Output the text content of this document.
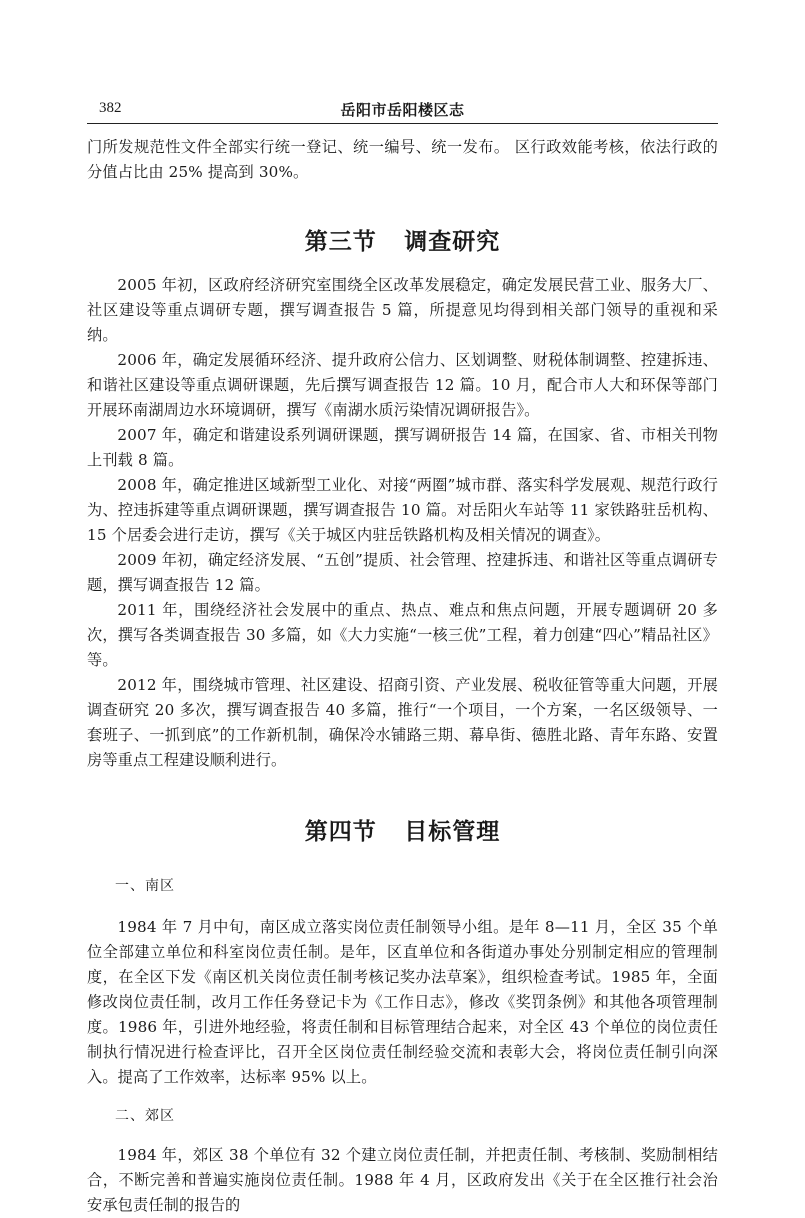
382	岳阳市岳阳楼区志

门所发规范性文件全部实行统一登记、统一编号、统一发布。 区行政效能考核，依法行政的分值占比由 25% 提高到 30%。

第三节 调查研究

2005 年初，区政府经济研究室围绕全区改革发展稳定，确定发展民营工业、服务大厂、社区建设等重点调研专题，撰写调查报告 5 篇，所提意见均得到相关部门领导的重视和采纳。

2006 年，确定发展循环经济、提升政府公信力、区划调整、财税体制调整、控建拆违、和谐社区建设等重点调研课题，先后撰写调查报告 12 篇。10 月，配合市人大和环保等部门开展环南湖周边水环境调研，撰写《南湖水质污染情况调研报告》。

2007 年，确定和谐建设系列调研课题，撰写调研报告 14 篇，在国家、省、市相关刊物上刊载 8 篇。

2008 年，确定推进区域新型工业化、对接“两圈”城市群、落实科学发展观、规范行政行为、控违拆建等重点调研课题，撰写调查报告 10 篇。对岳阳火车站等 11 家铁路驻岳机构、15 个居委会进行走访，撰写《关于城区内驻岳铁路机构及相关情况的调查》。

2009 年初，确定经济发展、“五创”提质、社会管理、控建拆违、和谐社区等重点调研专题，撰写调查报告 12 篇。

2011 年，围绕经济社会发展中的重点、热点、难点和焦点问题，开展专题调研 20 多次，撰写各类调查报告 30 多篇，如《大力实施“一核三优”工程，着力创建“四心”精品社区》等。

2012 年，围绕城市管理、社区建设、招商引资、产业发展、税收征管等重大问题，开展调查研究 20 多次，撰写调查报告 40 多篇，推行“一个项目，一个方案，一名区级领导、一套班子、一抓到底”的工作新机制，确保冷水铺路三期、幕阜街、德胜北路、青年东路、安置房等重点工程建设顺利进行。

第四节 目标管理
一、南区

1984 年 7 月中旬，南区成立落实岗位责任制领导小组。是年 8—11 月，全区 35 个单位全部建立单位和科室岗位责任制。是年，区直单位和各街道办事处分别制定相应的管理制度，在全区下发《南区机关岗位责任制考核记奖办法草案》，组织检查考试。1985 年，全面修改岗位责任制，改月工作任务登记卡为《工作日志》，修改《奖罚条例》和其他各项管理制度。1986 年，引进外地经验，将责任制和目标管理结合起来，对全区 43 个单位的岗位责任制执行情况进行检查评比，召开全区岗位责任制经验交流和表彰大会，将岗位责任制引向深入。提高了工作效率，达标率 95% 以上。

二、郊区

1984 年，郊区 38 个单位有 32 个建立岗位责任制，并把责任制、考核制、奖励制相结合，不断完善和普遍实施岗位责任制。1988 年 4 月，区政府发出《关于在全区推行社会治安承包责任制的报告的
